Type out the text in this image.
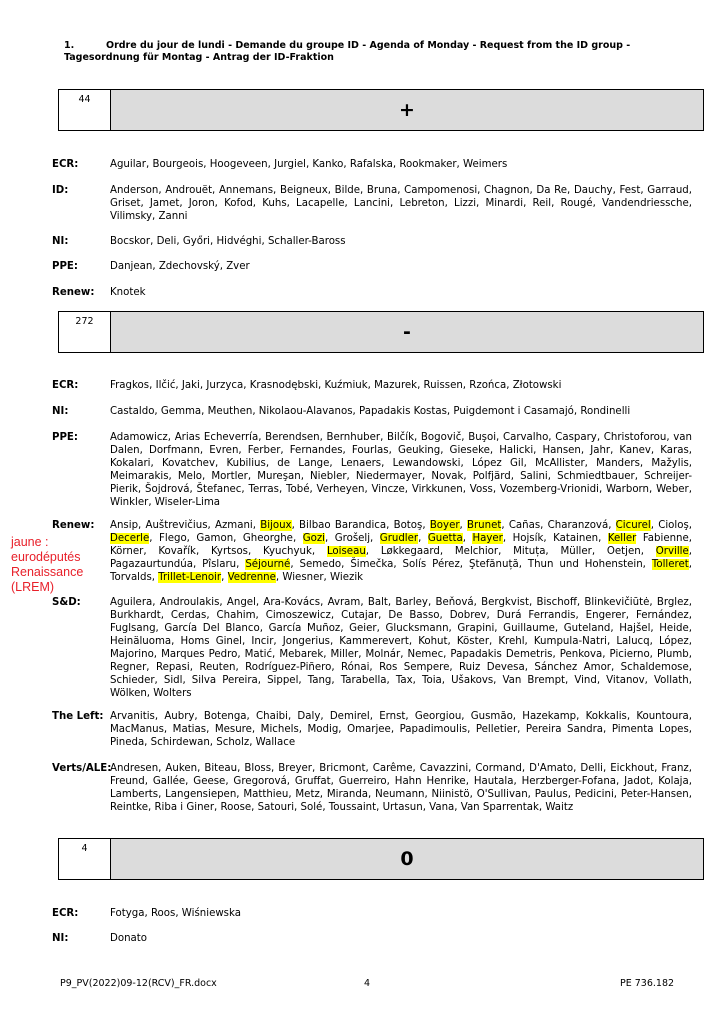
1.	Ordre du jour de lundi - Demande du groupe ID - Agenda of Monday - Request from the ID group - Tagesordnung für Montag - Antrag der ID-Fraktion
44	+
ECR:	Aguilar, Bourgeois, Hoogeveen, Jurgiel, Kanko, Rafalska, Rookmaker, Weimers
ID:	Anderson, Androuët, Annemans, Beigneux, Bilde, Bruna, Campomenosi, Chagnon, Da Re, Dauchy, Fest, Garraud, Griset, Jamet, Joron, Kofod, Kuhs, Lacapelle, Lancini, Lebreton, Lizzi, Minardi, Reil, Rougé, Vandendriessche, Vilimsky, Zanni
NI:	Bocskor, Deli, Győri, Hidvéghi, Schaller-Baross
PPE:	Danjean, Zdechovský, Zver
Renew:	Knotek
272	-
ECR:	Fragkos, Ilčić, Jaki, Jurzyca, Krasnodębski, Kuźmiuk, Mazurek, Ruissen, Rzońca, Złotowski
NI:	Castaldo, Gemma, Meuthen, Nikolaou-Alavanos, Papadakis Kostas, Puigdemont i Casamajó, Rondinelli
PPE:	Adamowicz, Arias Echeverría, Berendsen, Bernhuber, Bilčík, Bogovič, Buşoi, Carvalho, Caspary, Christoforou, van Dalen, Dorfmann, Evren, Ferber, Fernandes, Fourlas, Geuking, Gieseke, Halicki, Hansen, Jahr, Kanev, Karas, Kokalari, Kovatchev, Kubilius, de Lange, Lenaers, Lewandowski, López Gil, McAllister, Manders, Mažylis, Meimarakis, Melo, Mortler, Mureşan, Niebler, Niedermayer, Novak, Polfjärd, Salini, Schmiedtbauer, Schreijer-Pierik, Šojdrová, Štefanec, Terras, Tobé, Verheyen, Vincze, Virkkunen, Voss, Vozemberg-Vrionidi, Warborn, Weber, Winkler, Wiseler-Lima
Renew:	Ansip, Auštrevičius, Azmani, Bijoux, Bilbao Barandica, Botoş, Boyer, Brunet, Cañas, Charanzová, Cicurel, Cioloş, Decerle, Flego, Gamon, Gheorghe, Gozi, Grošelj, Grudler, Guetta, Hayer, Hojsík, Katainen, Keller Fabienne, Körner, Kovařík, Kyrtsos, Kyuchyuk, Loiseau, Løkkegaard, Melchior, Mituța, Müller, Oetjen, Orville, Pagazaurtundúa, Pîslaru, Séjourné, Semedo, Šimečka, Solís Pérez, Ştefănuță, Thun und Hohenstein, Tolleret, Torvalds, Trillet-Lenoir, Vedrenne, Wiesner, Wiezik
S&D:	Aguilera, Androulakis, Angel, Ara-Kovács, Avram, Balt, Barley, Beňová, Bergkvist, Bischoff, Blinkevičiūtė, Brglez, Burkhardt, Cerdas, Chahim, Cimoszewicz, Cutajar, De Basso, Dobrev, Durá Ferrandis, Engerer, Fernández, Fuglsang, García Del Blanco, García Muñoz, Geier, Glucksmann, Grapini, Guillaume, Guteland, Hajšel, Heide, Heinäluoma, Homs Ginel, Incir, Jongerius, Kammerevert, Kohut, Köster, Krehl, Kumpula-Natri, Lalucq, López, Majorino, Marques Pedro, Matić, Mebarek, Miller, Molnár, Nemec, Papadakis Demetris, Penkova, Picierno, Plumb, Regner, Repasi, Reuten, Rodríguez-Piñero, Rónai, Ros Sempere, Ruiz Devesa, Sánchez Amor, Schaldemose, Schieder, Sidl, Silva Pereira, Sippel, Tang, Tarabella, Tax, Toia, Ušakovs, Van Brempt, Vind, Vitanov, Vollath, Wölken, Wolters
The Left: Arvanitis, Aubry, Botenga, Chaibi, Daly, Demirel, Ernst, Georgiou, Gusmão, Hazekamp, Kokkalis, Kountoura, MacManus, Matias, Mesure, Michels, Modig, Omarjee, Papadimoulis, Pelletier, Pereira Sandra, Pimenta Lopes, Pineda, Schirdewan, Scholz, Wallace
Verts/ALE:
Andresen, Auken, Biteau, Bloss, Breyer, Bricmont, Carême, Cavazzini, Cormand, D'Amato, Delli, Eickhout, Franz, Freund, Gallée, Geese, Gregorová, Gruffat, Guerreiro, Hahn Henrike, Hautala, Herzberger-Fofana, Jadot, Kolaja, Lamberts, Langensiepen, Matthieu, Metz, Miranda, Neumann, Niinistö, O'Sullivan, Paulus, Pedicini, Peter-Hansen, Reintke, Riba i Giner, Roose, Satouri, Solé, Toussaint, Urtasun, Vana, Van Sparrentak, Waitz
4	0
ECR:	Fotyga, Roos, Wiśniewska
NI:	Donato
jaune :
eurodéputés
Renaissance
(LREM)
P9_PV(2022)09-12(RCV)_FR.docx	4	PE 736.182
